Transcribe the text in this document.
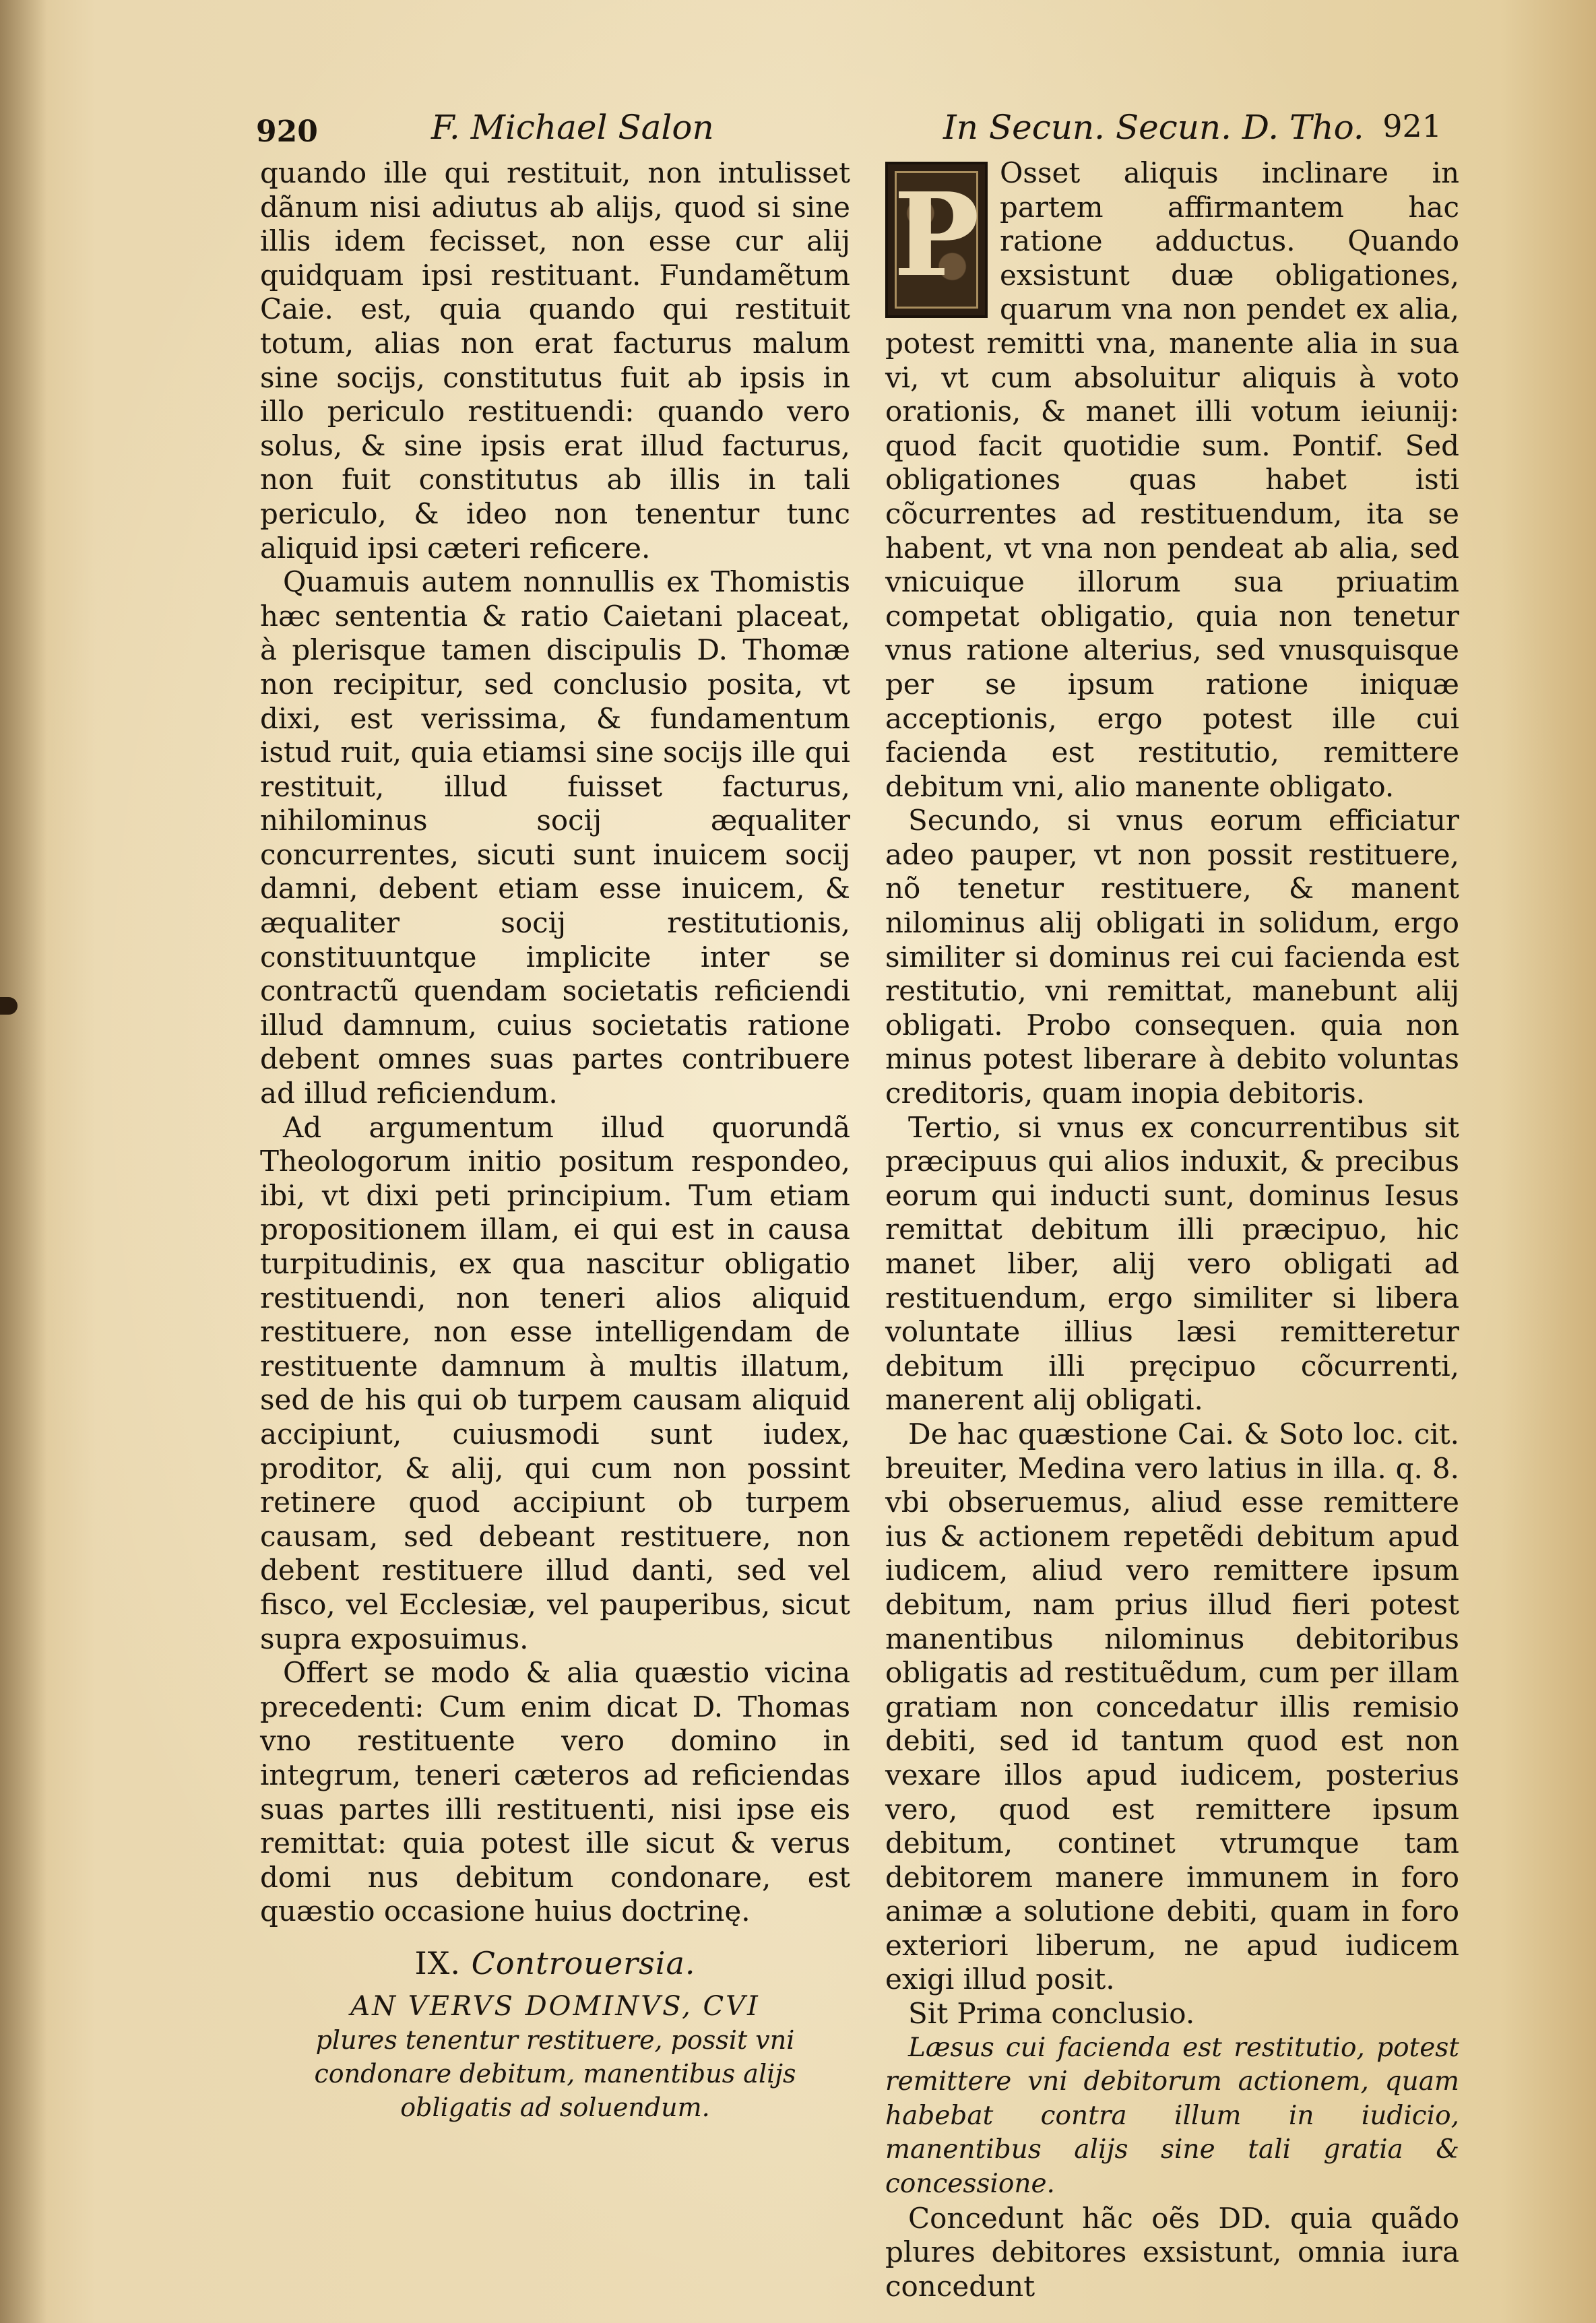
920	F. Michael Salon	In Secun. Secun. D. Tho. 921

quando ille qui restituit, non intulisset dãnum nisi adiutus ab alijs, quod si sine illis idem fecisset, non esse cur alij quidquam ipsi restituant. Fundamẽtum Caie. est, quia quando qui restituit totum, alias non erat facturus malum sine socijs, constitutus fuit ab ipsis in illo periculo restituendi: quando vero solus, & sine ipsis erat illud facturus, non fuit constitutus ab illis in tali periculo, & ideo non tenentur tunc aliquid ipsi cæteri reficere.

Quamuis autem nonnullis ex Thomistis hæc sententia & ratio Caietani placeat, à plerisque tamen discipulis D. Thomæ non recipitur, sed conclusio posita, vt dixi, est verissima, & fundamentum istud ruit, quia etiamsi sine socijs ille qui restituit, illud fuisset facturus, nihilominus socij æqualiter concurrentes, sicuti sunt inuicem socij damni, debent etiam esse inuicem, & æqualiter socij restitutionis, constituuntque implicite inter se contractũ quendam societatis reficiendi illud damnum, cuius societatis ratione debent omnes suas partes contribuere ad illud reficiendum.

Ad argumentum illud quorundã Theologorum initio positum respondeo, ibi, vt dixi peti principium. Tum etiam propositionem illam, ei qui est in causa turpitudinis, ex qua nascitur obligatio restituendi, non teneri alios aliquid restituere, non esse intelligendam de restituente damnum à multis illatum, sed de his qui ob turpem causam aliquid accipiunt, cuiusmodi sunt iudex, proditor, & alij, qui cum non possint retinere quod accipiunt ob turpem causam, sed debeant restituere, non debent restituere illud danti, sed vel fisco, vel Ecclesiæ, vel pauperibus, sicut supra exposuimus.

Offert se modo & alia quæstio vicina precedenti: Cum enim dicat D. Thomas vno restituente vero domino in integrum, teneri cæteros ad reficiendas suas partes illi restituenti, nisi ipse eis remittat: quia potest ille sicut & verus domi nus debitum condonare, est quæstio occasione huius doctrinę.

IX. Controuersia.
AN VERVS DOMINVS, CVI
plures tenentur restituere, possit vni condonare debitum, manentibus alijs obligatis ad soluendum.
P Osset aliquis inclinare in partem affirmantem hac ratione adductus. Quando exsistunt duæ obligationes, quarum vna non pendet ex alia, potest remitti vna, manente alia in sua vi, vt cum absoluitur aliquis à voto orationis, & manet illi votum ieiunij: quod facit quotidie sum. Pontif. Sed obligationes quas habet isti cõcurrentes ad restituendum, ita se habent, vt vna non pendeat ab alia, sed vnicuique illorum sua priuatim competat obligatio, quia non tenetur vnus ratione alterius, sed vnusquisque per se ipsum ratione iniquæ acceptionis, ergo potest ille cui facienda est restitutio, remittere debitum vni, alio manente obligato.

Secundo, si vnus eorum efficiatur adeo pauper, vt non possit restituere, nõ tenetur restituere, & manent nilominus alij obligati in solidum, ergo similiter si dominus rei cui facienda est restitutio, vni remittat, manebunt alij obligati. Probo consequen. quia non minus potest liberare à debito voluntas creditoris, quam inopia debitoris.

Tertio, si vnus ex concurrentibus sit præcipuus qui alios induxit, & precibus eorum qui inducti sunt, dominus Iesus remittat debitum illi præcipuo, hic manet liber, alij vero obligati ad restituendum, ergo similiter si libera voluntate illius læsi remitteretur debitum illi pręcipuo cõcurrenti, manerent alij obligati.

De hac quæstione Cai. & Soto loc. cit. breuiter, Medina vero latius in illa. q. 8. vbi obseruemus, aliud esse remittere ius & actionem repetẽdi debitum apud iudicem, aliud vero remittere ipsum debitum, nam prius illud fieri potest manentibus nilominus debitoribus obligatis ad restituẽdum, cum per illam gratiam non concedatur illis remisio debiti, sed id tantum quod est non vexare illos apud iudicem, posterius vero, quod est remittere ipsum debitum, continet vtrumque tam debitorem manere immunem in foro animæ a solutione debiti, quam in foro exteriori liberum, ne apud iudicem exigi illud posit.

Sit Prima conclusio.

Læsus cui facienda est restitutio, potest remittere vni debitorum actionem, quam habebat contra illum in iudicio, manentibus alijs sine tali gratia & concessione.

Concedunt hãc oẽs DD. quia quãdo plures debitores exsistunt, omnia iura concedunt
